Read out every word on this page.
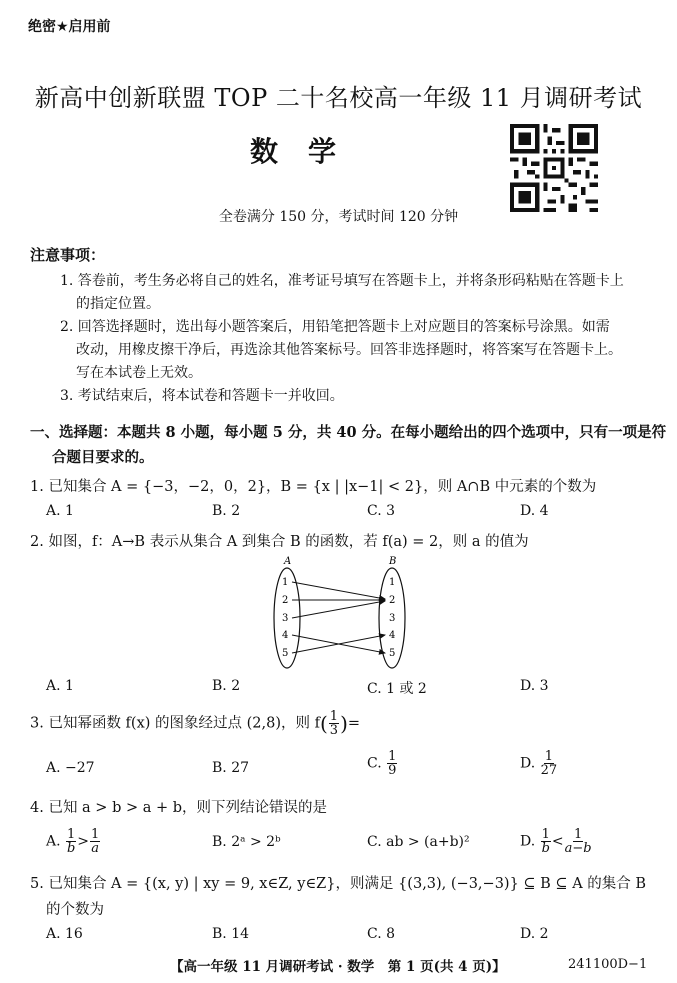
绝密★启用前
新高中创新联盟 TOP 二十名校高一年级 11 月调研考试
数学
全卷满分 150 分，考试时间 120 分钟
注意事项：
1. 答卷前，考生务必将自己的姓名，准考证号填写在答题卡上，并将条形码粘贴在答题卡上
的指定位置。
2. 回答选择题时，选出每小题答案后，用铅笔把答题卡上对应题目的答案标号涂黑。如需
改动，用橡皮擦干净后，再选涂其他答案标号。回答非选择题时，将答案写在答题卡上。
写在本试卷上无效。
3. 考试结束后，将本试卷和答题卡一并收回。
一、选择题：本题共 8 小题，每小题 5 分，共 40 分。在每小题给出的四个选项中，只有一项是符
合题目要求的。
1. 已知集合 A = {−3，−2，0，2}，B = {x | |x−1| < 2}，则 A∩B 中元素的个数为
A. 1	B. 2	C. 3	D. 4
2. 如图，f：A→B 表示从集合 A 到集合 B 的函数，若 f(a) = 2，则 a 的值为
A	B
1
2
3
4
5
1
2
3
4
5
A. 1	B. 2	C. 1 或 2	D. 3
3. 已知幂函数 f(x) 的图象经过点 (2,8)，则 $f( \frac{1}{3}$ )=
A. −27	B. 27	C. $\frac{1}{9}$	D. $\frac{1}{27}$
4. 已知 a > b > a + b，则下列结论错误的是
A. $\frac{1}{b} > \frac{1}{a}$	B. 2ᵃ > 2ᵇ	C. ab > (a+b)²	D. $\frac{1}{b} < \frac{1}{a-b}$
5. 已知集合 A = {(x, y) | xy = 9, x∈Z, y∈Z}，则满足 {(3,3), (−3,−3)} ⊆ B ⊆ A 的集合 B
的个数为
A. 16	B. 14	C. 8	D. 2
【高一年级 11 月调研考试 · 数学　第 1 页(共 4 页)】	241100D−1
